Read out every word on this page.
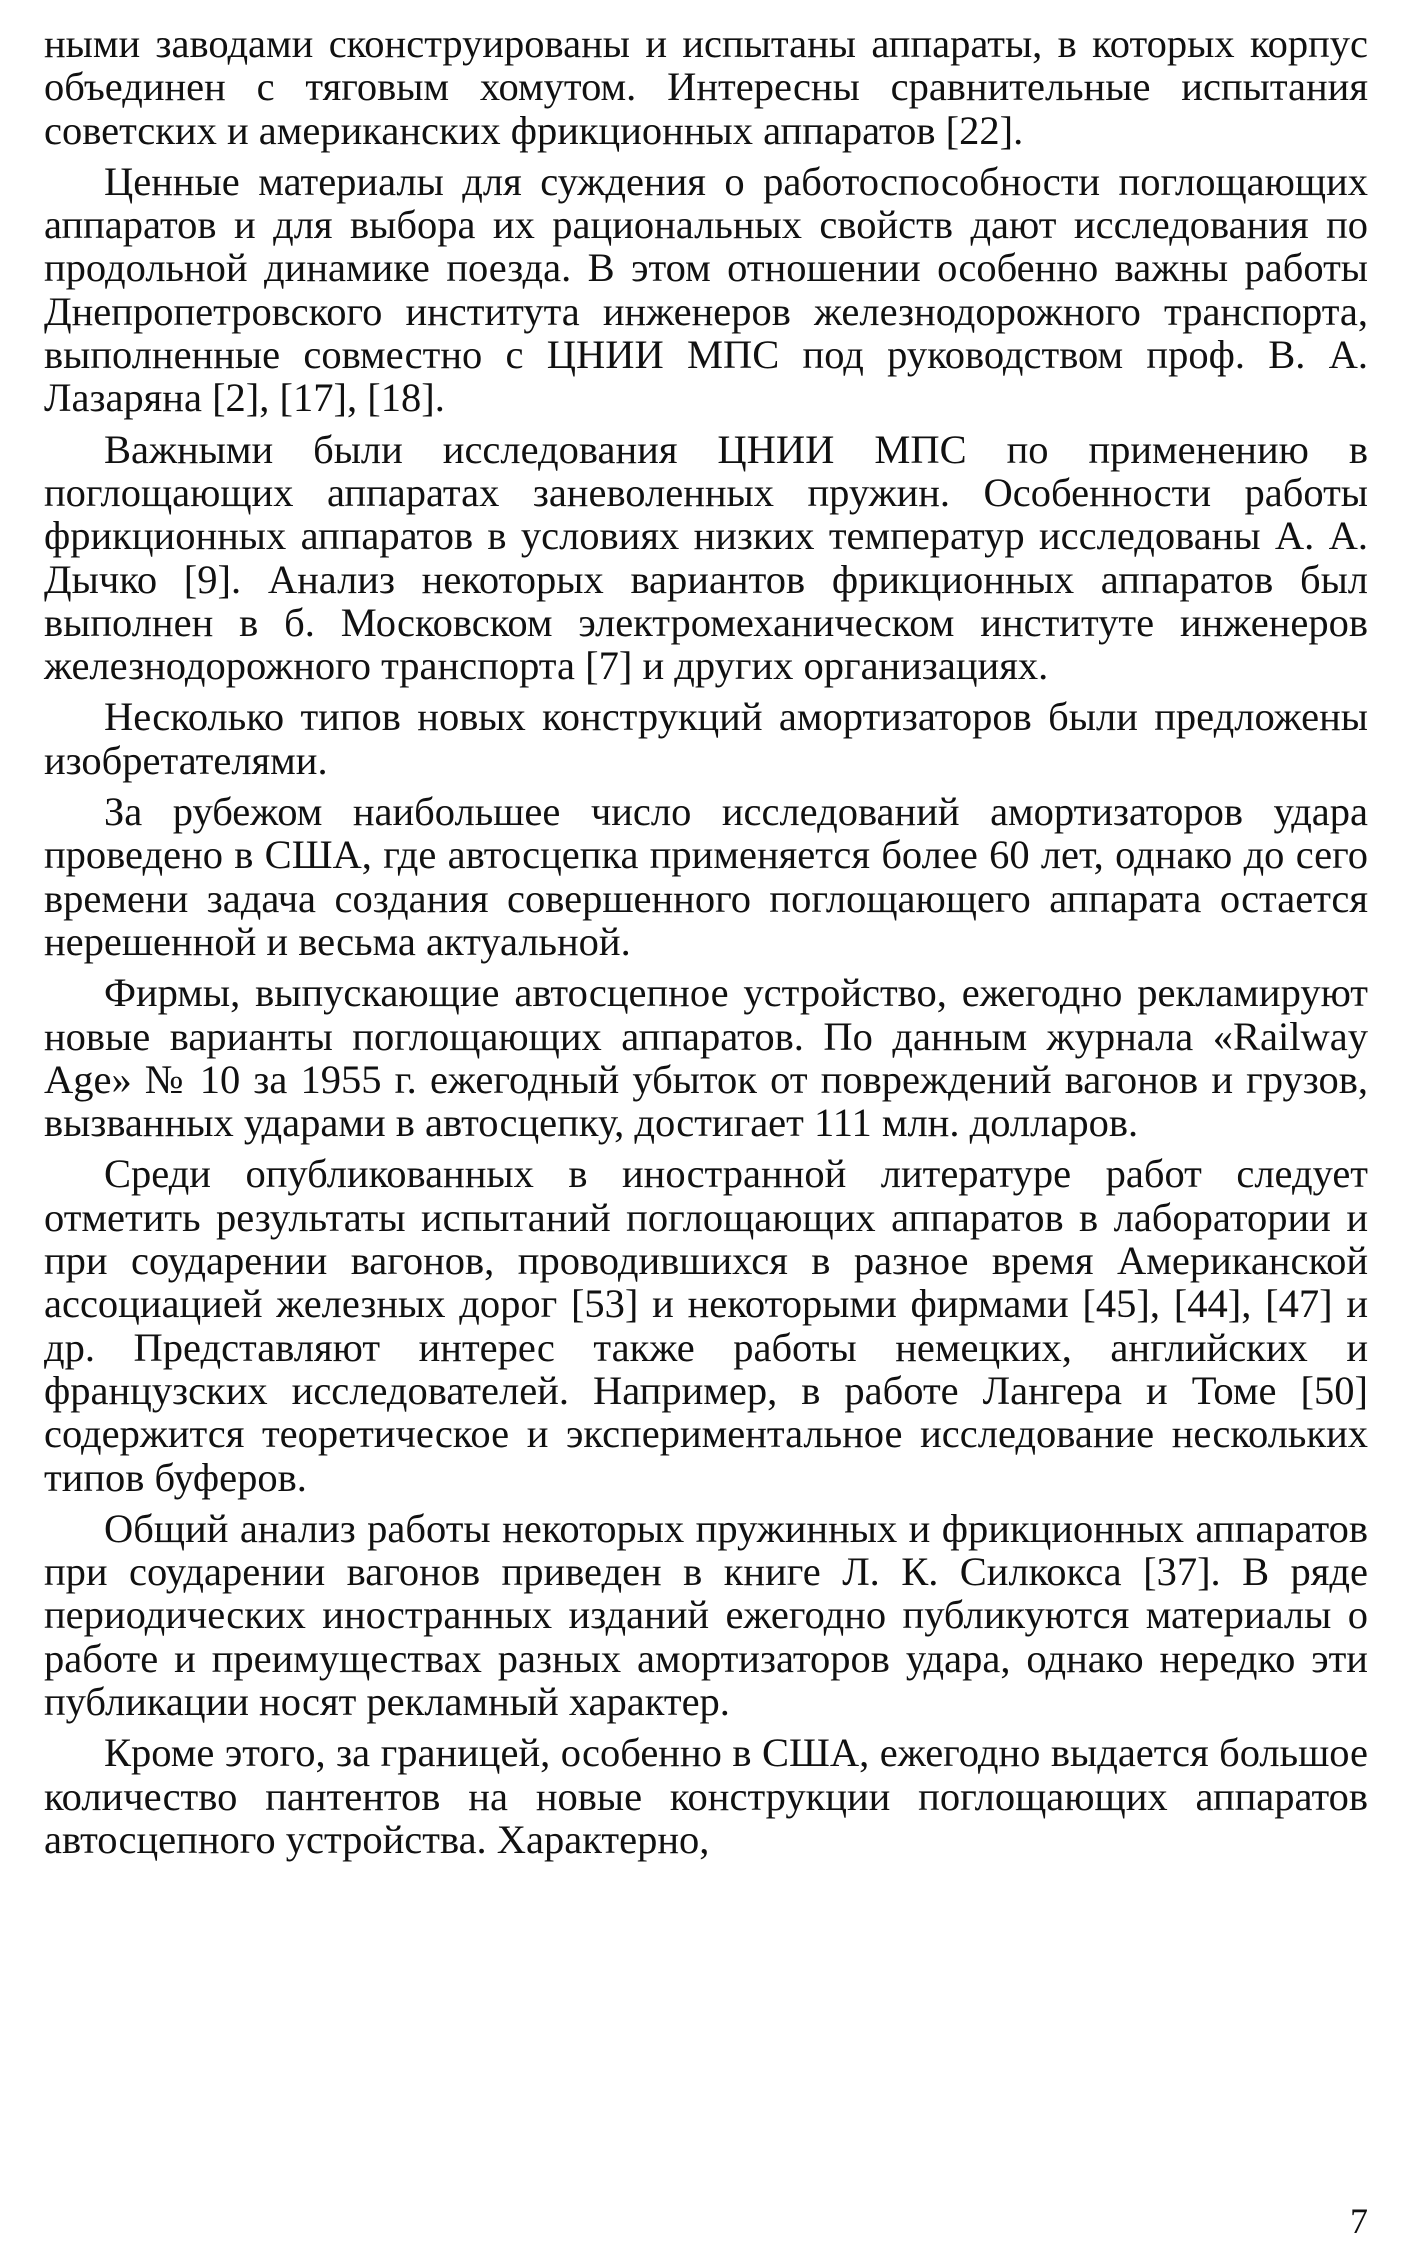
ными заводами сконструированы и испытаны аппараты, в которых корпус объединен с тяговым хомутом. Интересны сравнительные испытания советских и американских фрикционных аппаратов [22].

Ценные материалы для суждения о работоспособности поглощающих аппаратов и для выбора их рациональных свойств дают исследования по продольной динамике поезда. В этом отношении особенно важны работы Днепропетровского института инженеров железнодорожного транспорта, выполненные совместно с ЦНИИ МПС под руководством проф. В. А. Лазаряна [2], [17], [18].

Важными были исследования ЦНИИ МПС по применению в поглощающих аппаратах заневоленных пружин. Особенности работы фрикционных аппаратов в условиях низких температур исследованы А. А. Дычко [9]. Анализ некоторых вариантов фрикционных аппаратов был выполнен в б. Московском электромеханическом институте инженеров железнодорожного транспорта [7] и других организациях.

Несколько типов новых конструкций амортизаторов были предложены изобретателями.

За рубежом наибольшее число исследований амортизаторов удара проведено в США, где автосцепка применяется более 60 лет, однако до сего времени задача создания совершенного поглощающего аппарата остается нерешенной и весьма актуальной.

Фирмы, выпускающие автосцепное устройство, ежегодно рекламируют новые варианты поглощающих аппаратов. По данным журнала «Railway Age» № 10 за 1955 г. ежегодный убыток от повреждений вагонов и грузов, вызванных ударами в автосцепку, достигает 111 млн. долларов.

Среди опубликованных в иностранной литературе работ следует отметить результаты испытаний поглощающих аппаратов в лаборатории и при соударении вагонов, проводившихся в разное время Американской ассоциацией железных дорог [53] и некоторыми фирмами [45], [44], [47] и др. Представляют интерес также работы немецких, английских и французских исследователей. Например, в работе Лангера и Томе [50] содержится теоретическое и экспериментальное исследование нескольких типов буферов.

Общий анализ работы некоторых пружинных и фрикционных аппаратов при соударении вагонов приведен в книге Л. К. Силкокса [37]. В ряде периодических иностранных изданий ежегодно публикуются материалы о работе и преимуществах разных амортизаторов удара, однако нередко эти публикации носят рекламный характер.

Кроме этого, за границей, особенно в США, ежегодно выдается большое количество пантентов на новые конструкции поглощающих аппаратов автосцепного устройства. Характерно,

7
